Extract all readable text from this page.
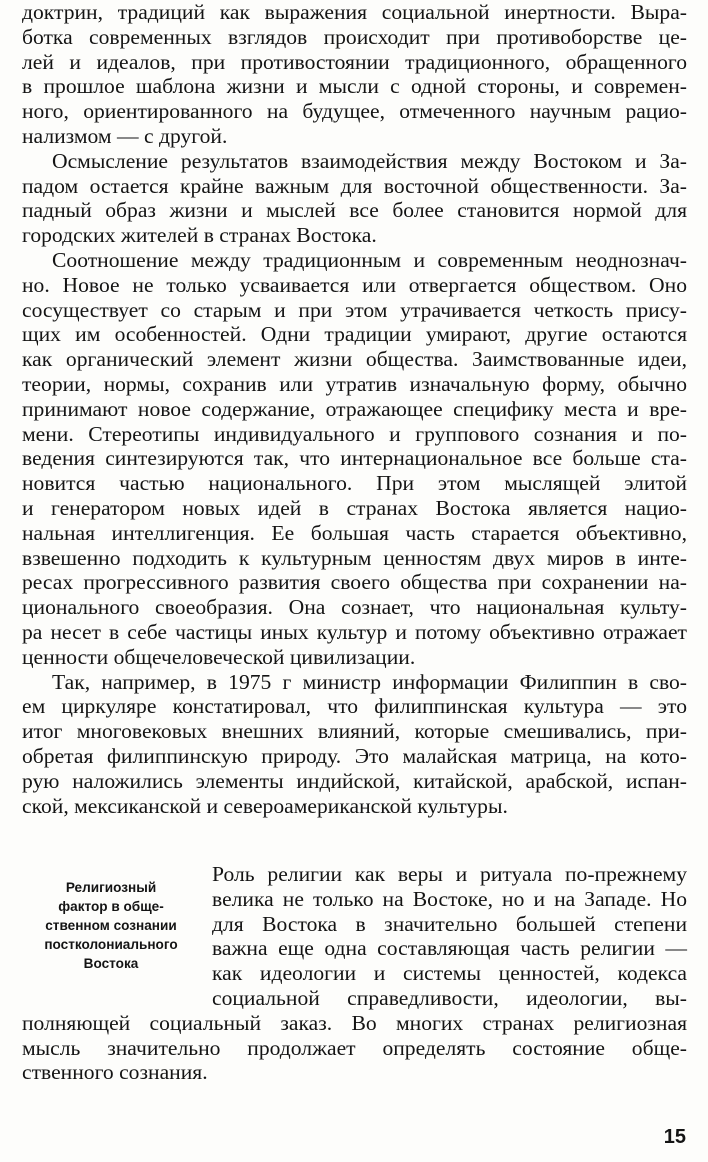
доктрин, традиций как выражения социальной инертности. Выра-
ботка современных взглядов происходит при противоборстве це-
лей и идеалов, при противостоянии традиционного, обращенного
в прошлое шаблона жизни и мысли с одной стороны, и современ-
ного, ориентированного на будущее, отмеченного научным рацио-
нализмом — с другой.
Осмысление результатов взаимодействия между Востоком и За-
падом остается крайне важным для восточной общественности. За-
падный образ жизни и мыслей все более становится нормой для
городских жителей в странах Востока.
Соотношение между традиционным и современным неоднознач-
но. Новое не только усваивается или отвергается обществом. Оно
сосуществует со старым и при этом утрачивается четкость прису-
щих им особенностей. Одни традиции умирают, другие остаются
как органический элемент жизни общества. Заимствованные идеи,
теории, нормы, сохранив или утратив изначальную форму, обычно
принимают новое содержание, отражающее специфику места и вре-
мени. Стереотипы индивидуального и группового сознания и по-
ведения синтезируются так, что интернациональное все больше ста-
новится частью национального. При этом мыслящей элитой
и генератором новых идей в странах Востока является нацио-
нальная интеллигенция. Ее большая часть старается объективно,
взвешенно подходить к культурным ценностям двух миров в инте-
ресах прогрессивного развития своего общества при сохранении на-
ционального своеобразия. Она сознает, что национальная культу-
ра несет в себе частицы иных культур и потому объективно отражает
ценности общечеловеческой цивилизации.
Так, например, в 1975 г министр информации Филиппин в сво-
ем циркуляре констатировал, что филиппинская культура — это
итог многовековых внешних влияний, которые смешивались, при-
обретая филиппинскую природу. Это малайская матрица, на кото-
рую наложились элементы индийской, китайской, арабской, испан-
ской, мексиканской и североамериканской культуры.
Религиозный
фактор в обще-
ственном сознании
постколониального
Востока
Роль религии как веры и ритуала по-прежнему
велика не только на Востоке, но и на Западе. Но
для Востока в значительно большей степени
важна еще одна составляющая часть религии —
как идеологии и системы ценностей, кодекса
социальной справедливости, идеологии, вы-
полняющей социальный заказ. Во многих странах религиозная
мысль значительно продолжает определять состояние обще-
ственного сознания.
15
